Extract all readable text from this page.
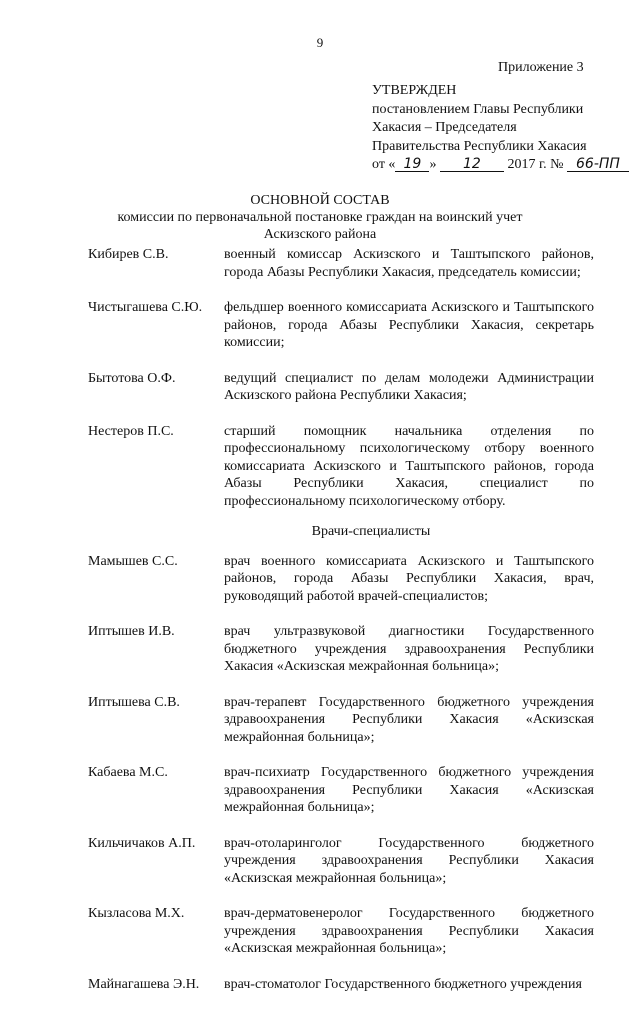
9
Приложение 3
УТВЕРЖДЕН
постановлением Главы Республики
Хакасия – Председателя
Правительства Республики Хакасия
от « 19 » 12 2017 г. № 66-ПП
ОСНОВНОЙ СОСТАВ
комиссии по первоначальной постановке граждан на воинский учет
Аскизского района
Кибирев С.В.	военный комиссар Аскизского и Таштыпского районов, города Абазы Республики Хакасия, председатель комиссии;
Чистыгашева С.Ю.	фельдшер военного комиссариата Аскизского и Таштыпского районов, города Абазы Республики Хакасия, секретарь комиссии;
Бытотова О.Ф.	ведущий специалист по делам молодежи Администрации Аскизского района Республики Хакасия;
Нестеров П.С.	старший помощник начальника отделения по профессиональному психологическому отбору военного комиссариата Аскизского и Таштыпского районов, города Абазы Республики Хакасия, специалист по профессиональному психологическому отбору.
Врачи-специалисты
Мамышев С.С.	врач военного комиссариата Аскизского и Таштыпского районов, города Абазы Республики Хакасия, врач, руководящий работой врачей-специалистов;
Иптышев И.В.	врач ультразвуковой диагностики Государственного бюджетного учреждения здравоохранения Республики Хакасия «Аскизская межрайонная больница»;
Иптышева С.В.	врач-терапевт Государственного бюджетного учреждения здравоохранения Республики Хакасия «Аскизская межрайонная больница»;
Кабаева М.С.	врач-психиатр Государственного бюджетного учреждения здравоохранения Республики Хакасия «Аскизская межрайонная больница»;
Кильчичаков А.П.	врач-отоларинголог Государственного бюджетного учреждения здравоохранения Республики Хакасия «Аскизская межрайонная больница»;
Кызласова М.Х.	врач-дерматовенеролог Государственного бюджетного учреждения здравоохранения Республики Хакасия «Аскизская межрайонная больница»;
Майнагашева Э.Н.	врач-стоматолог Государственного бюджетного учреждения
